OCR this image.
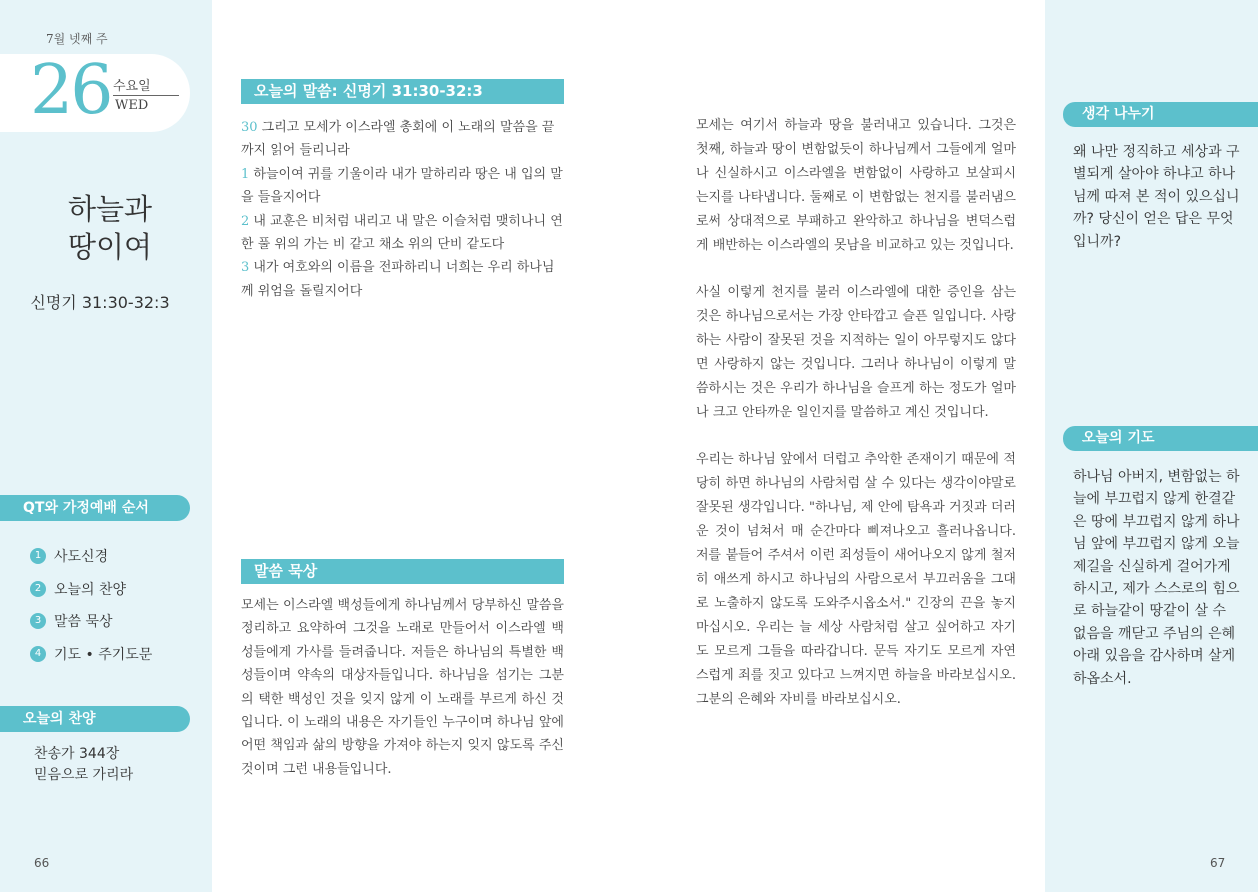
7월 넷째 주
26 수요일
WED
하늘과
땅이여
신명기 31:30-32:3
QT와 가정예배 순서
1 사도신경
2 오늘의 찬양
3 말씀 묵상
4 기도 • 주기도문
오늘의 찬양
찬송가 344장
믿음으로 가리라
66
오늘의 말씀: 신명기 31:30-32:3

30 그리고 모세가 이스라엘 총회에 이 노래의 말씀을 끝까지 읽어 들리니라

1 하늘이여 귀를 기울이라 내가 말하리라 땅은 내 입의 말을 들을지어다

2 내 교훈은 비처럼 내리고 내 말은 이슬처럼 맺히나니 연한 풀 위의 가는 비 같고 채소 위의 단비 같도다

3 내가 여호와의 이름을 전파하리니 너희는 우리 하나님께 위엄을 돌릴지어다

말씀 묵상

모세는 이스라엘 백성들에게 하나님께서 당부하신 말씀을 정리하고 요약하여 그것을 노래로 만들어서 이스라엘 백성들에게 가사를 들려줍니다. 저들은 하나님의 특별한 백성들이며 약속의 대상자들입니다. 하나님을 섬기는 그분의 택한 백성인 것을 잊지 않게 이 노래를 부르게 하신 것입니다. 이 노래의 내용은 자기들인 누구이며 하나님 앞에 어떤 책임과 삶의 방향을 가져야 하는지 잊지 않도록 주신 것이며 그런 내용들입니다.

모세는 여기서 하늘과 땅을 불러내고 있습니다. 그것은 첫째, 하늘과 땅이 변함없듯이 하나님께서 그들에게 얼마나 신실하시고 이스라엘을 변함없이 사랑하고 보살피시는지를 나타냅니다. 둘째로 이 변함없는 천지를 불러냄으로써 상대적으로 부패하고 완악하고 하나님을 변덕스럽게 배반하는 이스라엘의 못남을 비교하고 있는 것입니다.

사실 이렇게 천지를 불러 이스라엘에 대한 증인을 삼는 것은 하나님으로서는 가장 안타깝고 슬픈 일입니다. 사랑하는 사람이 잘못된 것을 지적하는 일이 아무렇지도 않다면 사랑하지 않는 것입니다. 그러나 하나님이 이렇게 말씀하시는 것은 우리가 하나님을 슬프게 하는 정도가 얼마나 크고 안타까운 일인지를 말씀하고 계신 것입니다.

우리는 하나님 앞에서 더럽고 추악한 존재이기 때문에 적당히 하면 하나님의 사람처럼 살 수 있다는 생각이야말로 잘못된 생각입니다. "하나님, 제 안에 탐욕과 거짓과 더러운 것이 넘쳐서 매 순간마다 삐져나오고 흘러나옵니다. 저를 붙들어 주셔서 이런 죄성들이 새어나오지 않게 철저히 애쓰게 하시고 하나님의 사람으로서 부끄러움을 그대로 노출하지 않도록 도와주시옵소서." 긴장의 끈을 놓지 마십시오. 우리는 늘 세상 사람처럼 살고 싶어하고 자기도 모르게 그들을 따라갑니다. 문득 자기도 모르게 자연스럽게 죄를 짓고 있다고 느껴지면 하늘을 바라보십시오. 그분의 은혜와 자비를 바라보십시오.

생각 나누기
왜 나만 정직하고 세상과 구별되게 살아야 하냐고 하나님께 따져 본 적이 있으십니까? 당신이 얻은 답은 무엇입니까?
오늘의 기도
하나님 아버지, 변함없는 하늘에 부끄럽지 않게 한결같은 땅에 부끄럽지 않게 하나님 앞에 부끄럽지 않게 오늘 제길을 신실하게 걸어가게 하시고, 제가 스스로의 힘으로 하늘같이 땅같이 살 수 없음을 깨닫고 주님의 은혜 아래 있음을 감사하며 살게 하옵소서.
67
